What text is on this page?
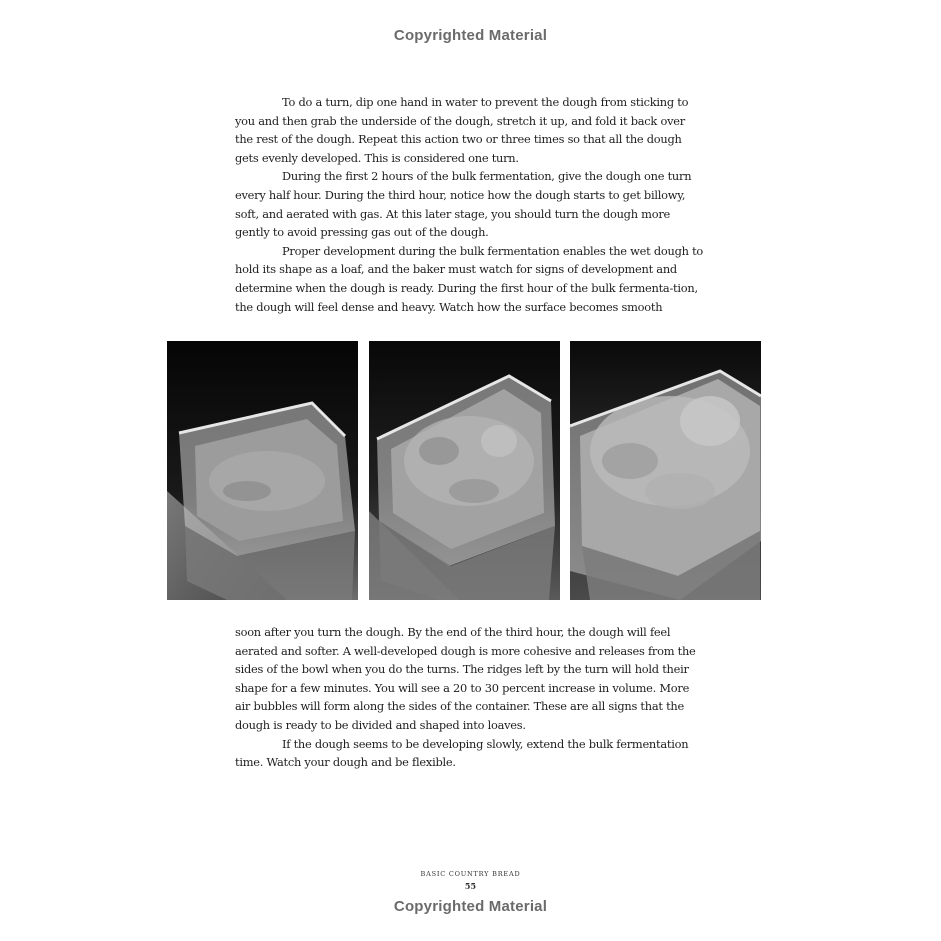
Copyrighted Material

To do a turn, dip one hand in water to prevent the dough from sticking to you and then grab the underside of the dough, stretch it up, and fold it back over the rest of the dough. Repeat this action two or three times so that all the dough gets evenly developed. This is considered one turn.

During the first 2 hours of the bulk fermentation, give the dough one turn every half hour. During the third hour, notice how the dough starts to get billowy, soft, and aerated with gas. At this later stage, you should turn the dough more gently to avoid pressing gas out of the dough.

Proper development during the bulk fermentation enables the wet dough to hold its shape as a loaf, and the baker must watch for signs of development and determine when the dough is ready. During the first hour of the bulk fermenta-tion, the dough will feel dense and heavy. Watch how the surface becomes smooth

soon after you turn the dough. By the end of the third hour, the dough will feel aerated and softer. A well-developed dough is more cohesive and releases from the sides of the bowl when you do the turns. The ridges left by the turn will hold their shape for a few minutes. You will see a 20 to 30 percent increase in volume. More air bubbles will form along the sides of the container. These are all signs that the dough is ready to be divided and shaped into loaves.

If the dough seems to be developing slowly, extend the bulk fermentation time. Watch your dough and be flexible.

BASIC COUNTRY BREAD
55
Copyrighted Material
